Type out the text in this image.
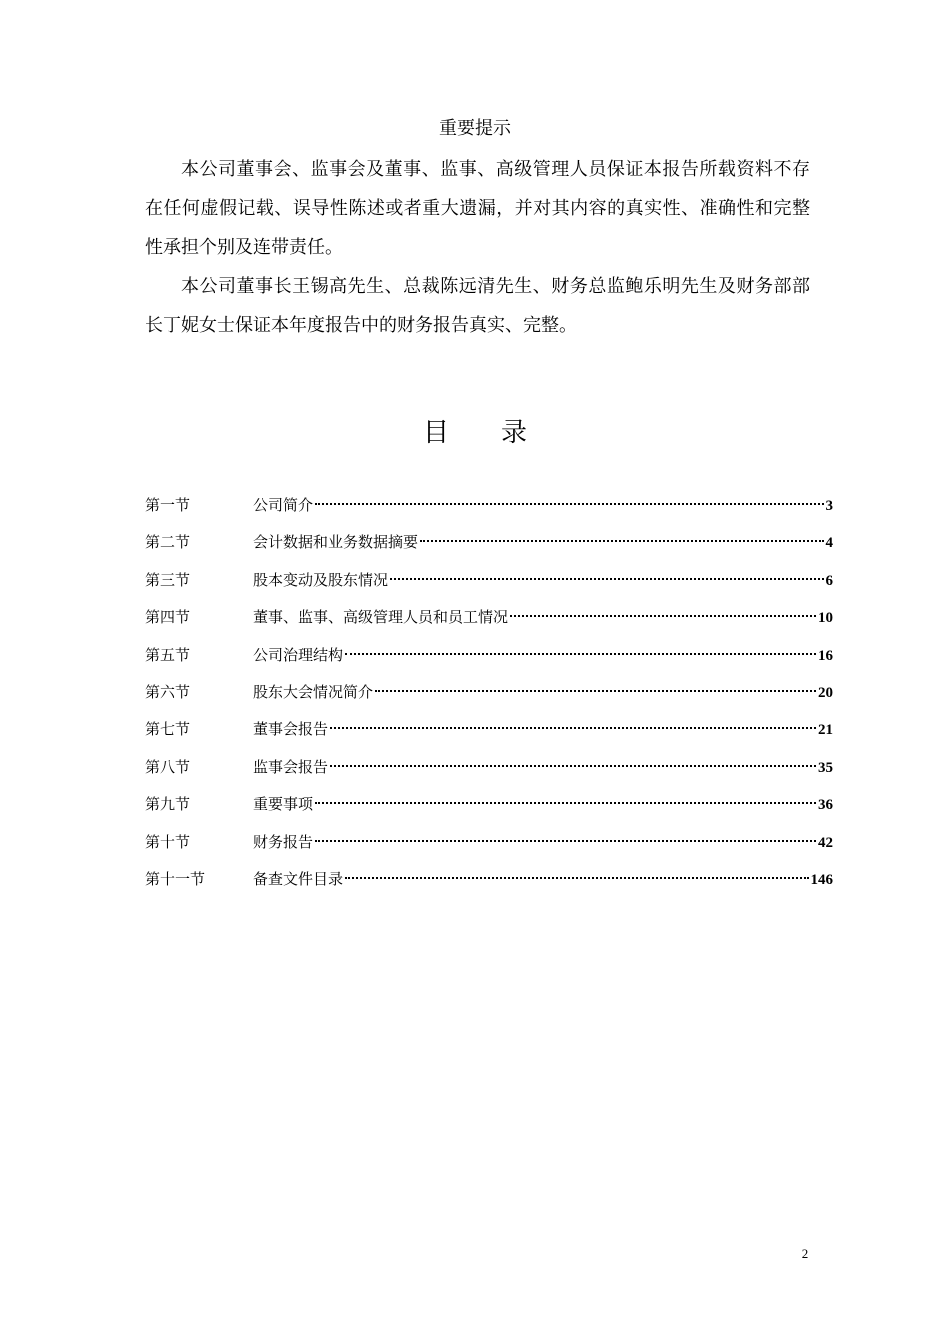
重要提示

本公司董事会、监事会及董事、监事、高级管理人员保证本报告所载资料不存在任何虚假记载、误导性陈述或者重大遗漏，并对其内容的真实性、准确性和完整性承担个别及连带责任。

本公司董事长王锡高先生、总裁陈远清先生、财务总监鲍乐明先生及财务部部长丁妮女士保证本年度报告中的财务报告真实、完整。

目 录
第一节	公司简介	3
第二节	会计数据和业务数据摘要	4
第三节	股本变动及股东情况	6
第四节	董事、监事、高级管理人员和员工情况	10
第五节	公司治理结构	16
第六节	股东大会情况简介	20
第七节	董事会报告	21
第八节	监事会报告	35
第九节	重要事项	36
第十节	财务报告	42
第十一节	备查文件目录	146
2
